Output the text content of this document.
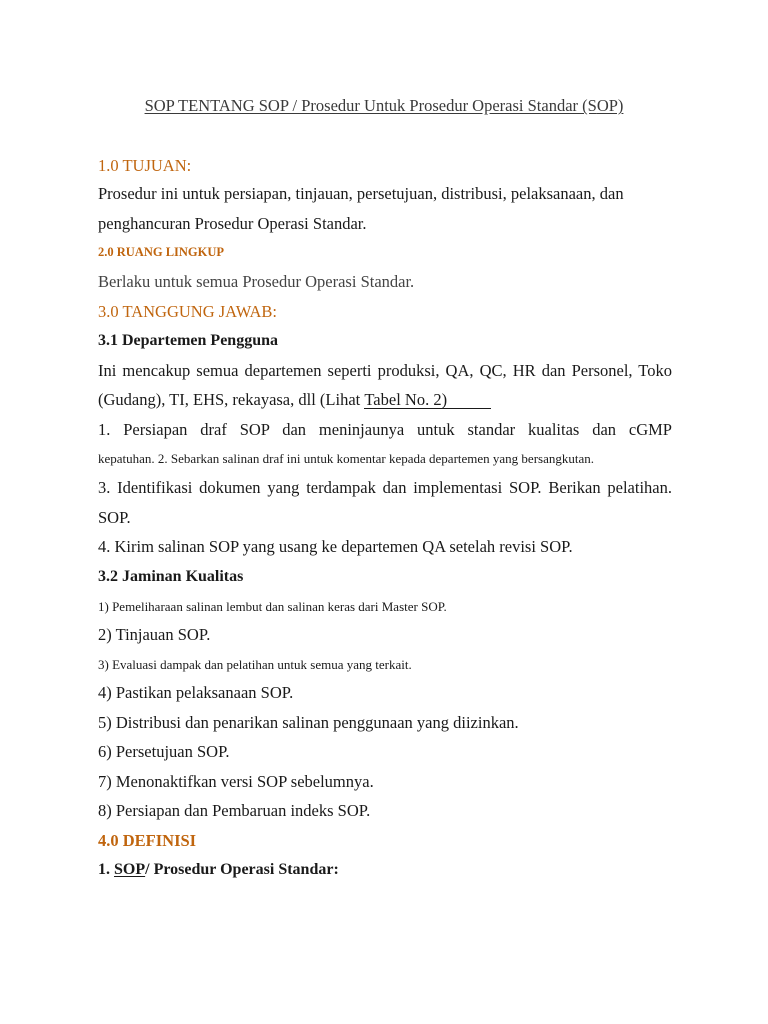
SOP TENTANG SOP / Prosedur Untuk Prosedur Operasi Standar (SOP)
1.0 TUJUAN:
Prosedur ini untuk persiapan, tinjauan, persetujuan, distribusi, pelaksanaan, dan
penghancuran Prosedur Operasi Standar.
2.0 RUANG LINGKUP
Berlaku untuk semua Prosedur Operasi Standar.
3.0 TANGGUNG JAWAB:
3.1 Departemen Pengguna
Ini mencakup semua departemen seperti produksi, QA, QC, HR dan Personel, Toko
(Gudang), TI, EHS, rekayasa, dll (Lihat Tabel No. 2)
1. Persiapan draf SOP dan meninjaunya untuk standar kualitas dan cGMP
kepatuhan. 2. Sebarkan salinan draf ini untuk komentar kepada departemen yang bersangkutan.
3. Identifikasi dokumen yang terdampak dan implementasi SOP. Berikan pelatihan.
SOP.
4. Kirim salinan SOP yang usang ke departemen QA setelah revisi SOP.
3.2 Jaminan Kualitas
1) Pemeliharaan salinan lembut dan salinan keras dari Master SOP.
2) Tinjauan SOP.
3) Evaluasi dampak dan pelatihan untuk semua yang terkait.
4) Pastikan pelaksanaan SOP.
5) Distribusi dan penarikan salinan penggunaan yang diizinkan.
6) Persetujuan SOP.
7) Menonaktifkan versi SOP sebelumnya.
8) Persiapan dan Pembaruan indeks SOP.
4.0 DEFINISI
1. SOP/ Prosedur Operasi Standar:
